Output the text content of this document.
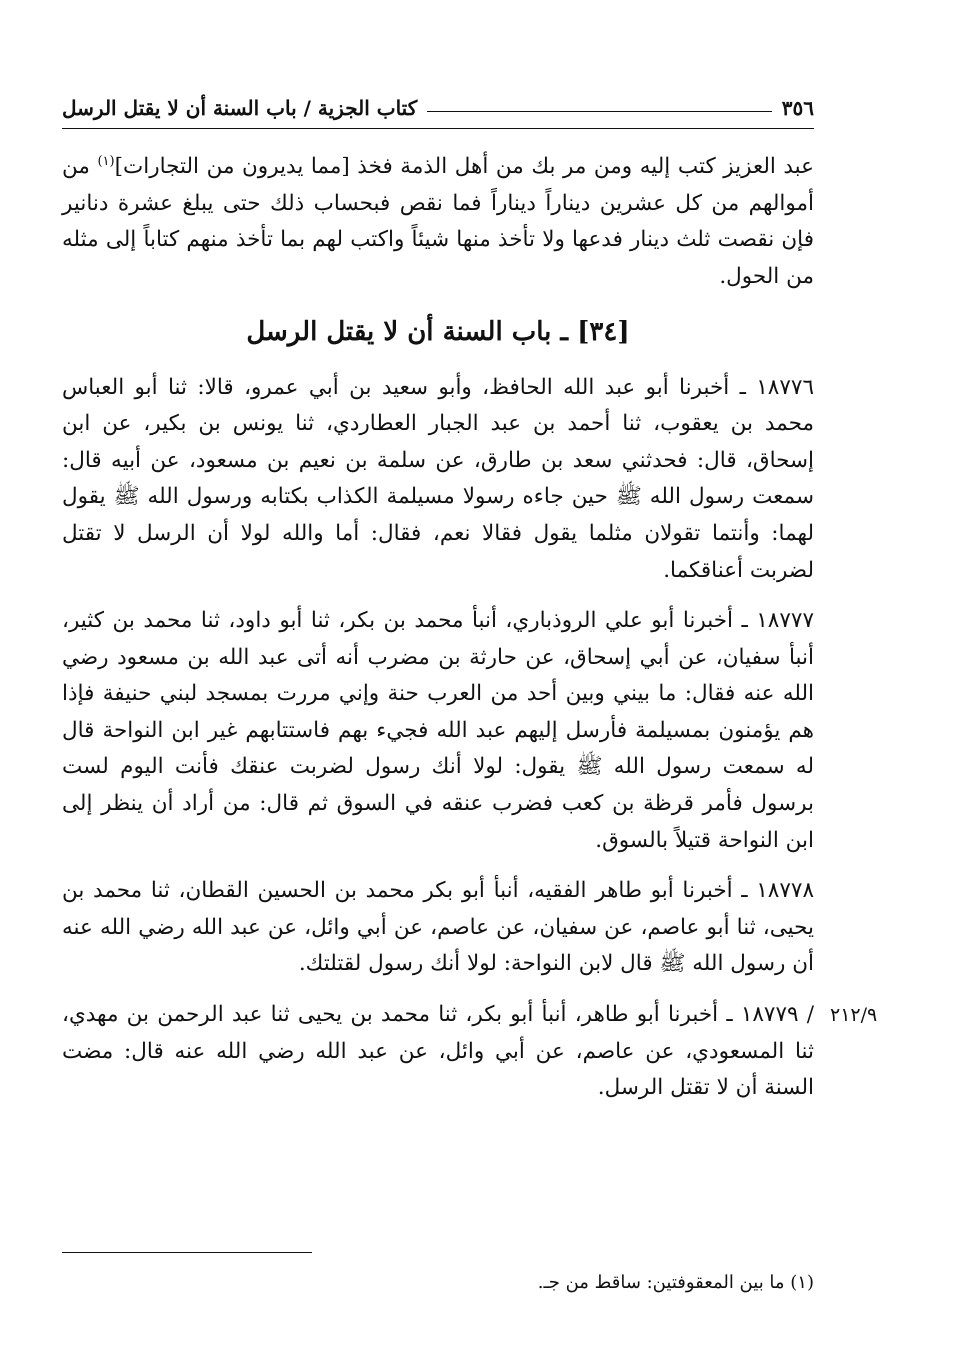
٣٥٦
كتاب الجزية / باب السنة أن لا يقتل الرسل

عبد العزيز كتب إليه ومن مر بك من أهل الذمة فخذ [مما يديرون من التجارات]$^{(١)}$ من أموالهم من كل عشرين ديناراً ديناراً فما نقص فبحساب ذلك حتى يبلغ عشرة دنانير فإن نقصت ثلث دينار فدعها ولا تأخذ منها شيئاً واكتب لهم بما تأخذ منهم كتاباً إلى مثله من الحول.

[٣٤] ـ باب السنة أن لا يقتل الرسل

١٨٧٧٦ ـ أخبرنا أبو عبد الله الحافظ، وأبو سعيد بن أبي عمرو، قالا: ثنا أبو العباس محمد بن يعقوب، ثنا أحمد بن عبد الجبار العطاردي، ثنا يونس بن بكير، عن ابن إسحاق، قال: فحدثني سعد بن طارق، عن سلمة بن نعيم بن مسعود، عن أبيه قال: سمعت رسول الله ﷺ حين جاءه رسولا مسيلمة الكذاب بكتابه ورسول الله ﷺ يقول لهما: وأنتما تقولان مثلما يقول فقالا نعم، فقال: أما والله لولا أن الرسل لا تقتل لضربت أعناقكما.

١٨٧٧٧ ـ أخبرنا أبو علي الروذباري، أنبأ محمد بن بكر، ثنا أبو داود، ثنا محمد بن كثير، أنبأ سفيان، عن أبي إسحاق، عن حارثة بن مضرب أنه أتى عبد الله بن مسعود رضي الله عنه فقال: ما بيني وبين أحد من العرب حنة وإني مررت بمسجد لبني حنيفة فإذا هم يؤمنون بمسيلمة فأرسل إليهم عبد الله فجيء بهم فاستتابهم غير ابن النواحة قال له سمعت رسول الله ﷺ يقول: لولا أنك رسول لضربت عنقك فأنت اليوم لست برسول فأمر قرظة بن كعب فضرب عنقه في السوق ثم قال: من أراد أن ينظر إلى ابن النواحة قتيلاً بالسوق.

١٨٧٧٨ ـ أخبرنا أبو طاهر الفقيه، أنبأ أبو بكر محمد بن الحسين القطان، ثنا محمد بن يحيى، ثنا أبو عاصم، عن سفيان، عن عاصم، عن أبي وائل، عن عبد الله رضي الله عنه أن رسول الله ﷺ قال لابن النواحة: لولا أنك رسول لقتلتك.

/ ١٨٧٧٩ ـ أخبرنا أبو طاهر، أنبأ أبو بكر، ثنا محمد بن يحيى ثنا عبد الرحمن بن مهدي، ثنا المسعودي، عن عاصم، عن أبي وائل، عن عبد الله رضي الله عنه قال: مضت السنة أن لا تقتل الرسل.
٢١٢/٩

(١) ما بين المعقوفتين: ساقط من جـ.
